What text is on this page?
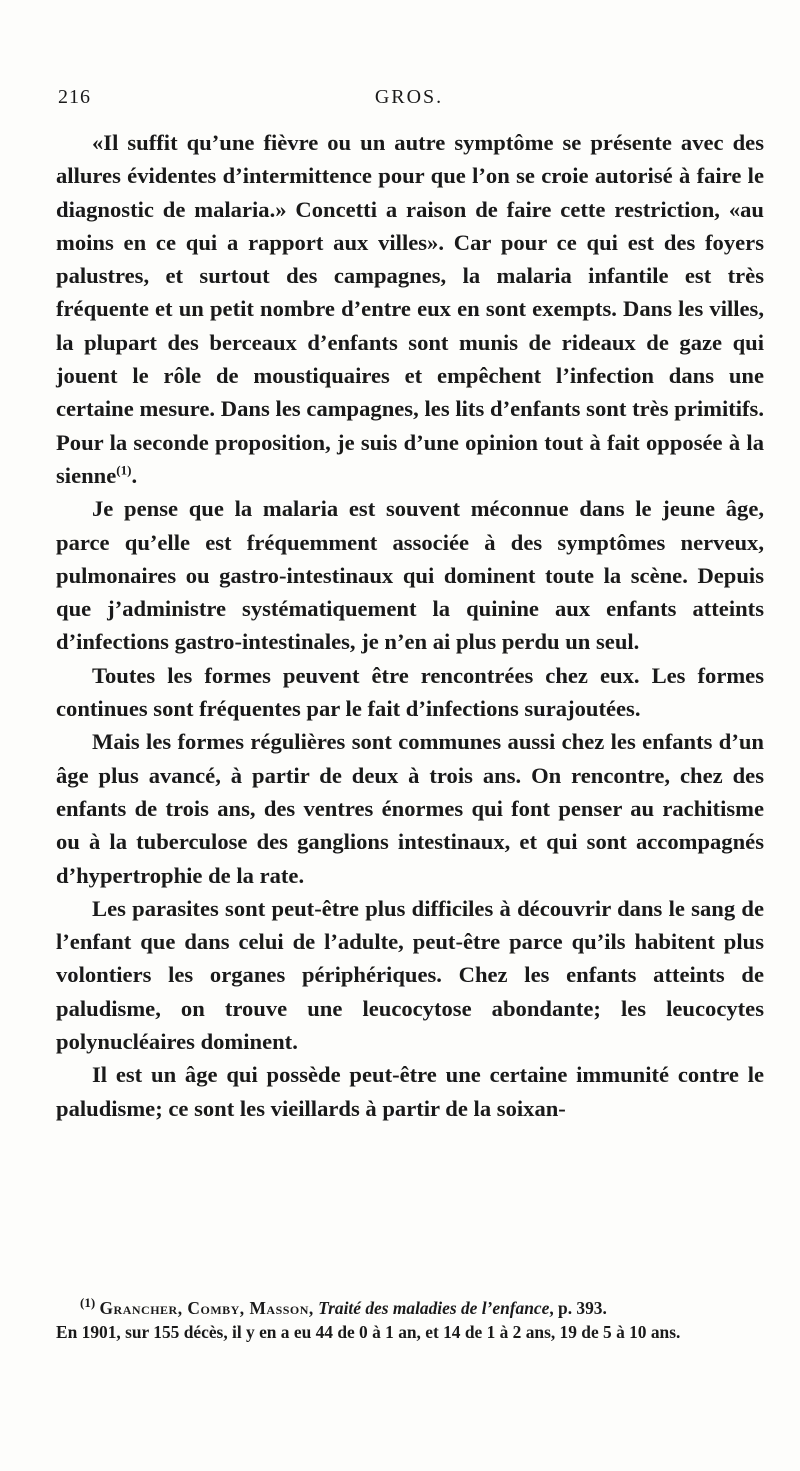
216	GROS.

«Il suffit qu’une fièvre ou un autre symptôme se présente avec des allures évidentes d’intermittence pour que l’on se croie autorisé à faire le diagnostic de malaria.» Concetti a raison de faire cette restriction, «au moins en ce qui a rapport aux villes». Car pour ce qui est des foyers palustres, et surtout des campagnes, la malaria infantile est très fréquente et un petit nombre d’entre eux en sont exempts. Dans les villes, la plupart des berceaux d’enfants sont munis de rideaux de gaze qui jouent le rôle de moustiquaires et empêchent l’infection dans une certaine mesure. Dans les campagnes, les lits d’enfants sont très primitifs. Pour la seconde proposition, je suis d’une opinion tout à fait opposée à la sienne$^{(1)}$.

Je pense que la malaria est souvent méconnue dans le jeune âge, parce qu’elle est fréquemment associée à des symptômes nerveux, pulmonaires ou gastro-intestinaux qui dominent toute la scène. Depuis que j’administre systématiquement la quinine aux enfants atteints d’infections gastro-intestinales, je n’en ai plus perdu un seul.

Toutes les formes peuvent être rencontrées chez eux. Les formes continues sont fréquentes par le fait d’infections surajoutées.

Mais les formes régulières sont communes aussi chez les enfants d’un âge plus avancé, à partir de deux à trois ans. On rencontre, chez des enfants de trois ans, des ventres énormes qui font penser au rachitisme ou à la tuberculose des ganglions intestinaux, et qui sont accompagnés d’hypertrophie de la rate.

Les parasites sont peut-être plus difficiles à découvrir dans le sang de l’enfant que dans celui de l’adulte, peut-être parce qu’ils habitent plus volontiers les organes périphériques. Chez les enfants atteints de paludisme, on trouve une leucocytose abondante; les leucocytes polynucléaires dominent.

Il est un âge qui possède peut-être une certaine immunité contre le paludisme; ce sont les vieillards à partir de la soixan-

$^{(1)}$ Grancher, Comby, Masson, Traité des maladies de l’enfance, p. 393.

En 1901, sur 155 décès, il y en a eu 44 de 0 à 1 an, et 14 de 1 à 2 ans, 19 de 5 à 10 ans.
